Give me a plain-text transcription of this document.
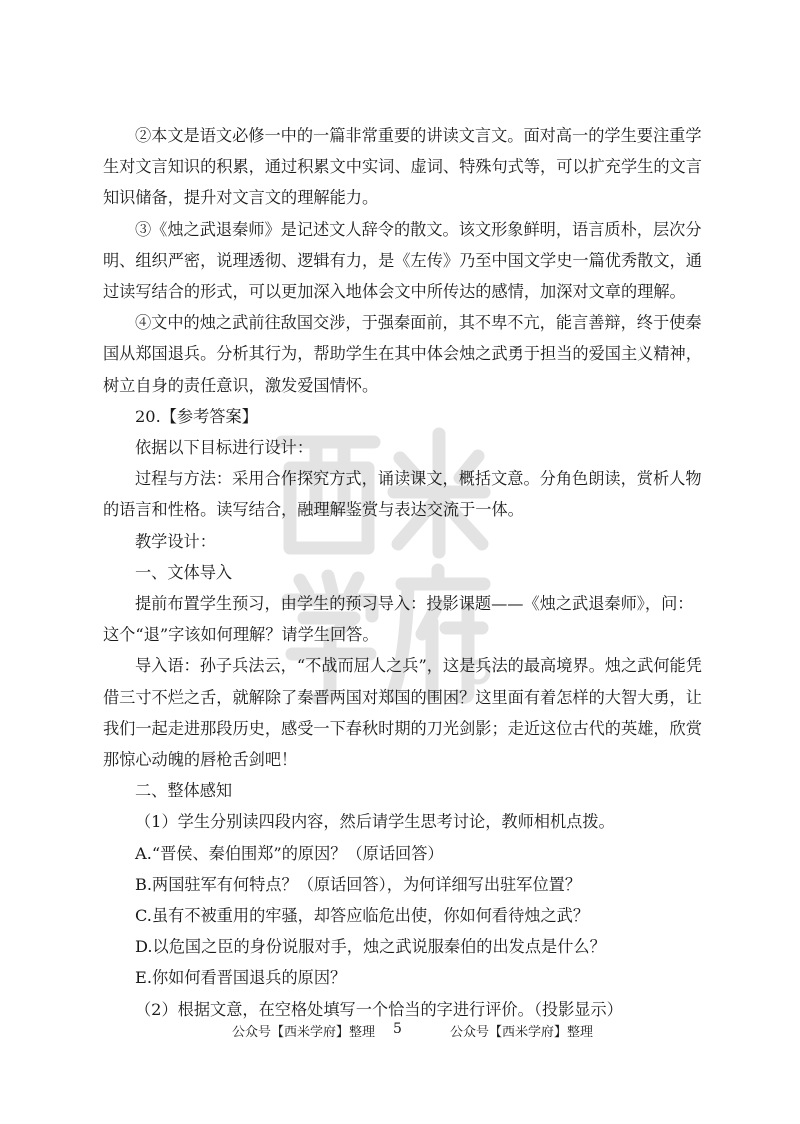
②本文是语文必修一中的一篇非常重要的讲读文言文。面对高一的学生要注重学生对文言知识的积累，通过积累文中实词、虚词、特殊句式等，可以扩充学生的文言知识储备，提升对文言文的理解能力。

③《烛之武退秦师》是记述文人辞令的散文。该文形象鲜明，语言质朴，层次分明、组织严密，说理透彻、逻辑有力，是《左传》乃至中国文学史一篇优秀散文，通过读写结合的形式，可以更加深入地体会文中所传达的感情，加深对文章的理解。

④文中的烛之武前往敌国交涉，于强秦面前，其不卑不亢，能言善辩，终于使秦国从郑国退兵。分析其行为，帮助学生在其中体会烛之武勇于担当的爱国主义精神，树立自身的责任意识，激发爱国情怀。

20.【参考答案】

依据以下目标进行设计：

过程与方法：采用合作探究方式，诵读课文，概括文意。分角色朗读，赏析人物的语言和性格。读写结合，融理解鉴赏与表达交流于一体。

教学设计：

一、文体导入

提前布置学生预习，由学生的预习导入：投影课题——《烛之武退秦师》，问：这个“退”字该如何理解？请学生回答。

导入语：孙子兵法云，“不战而屈人之兵”，这是兵法的最高境界。烛之武何能凭借三寸不烂之舌，就解除了秦晋两国对郑国的围困？这里面有着怎样的大智大勇，让我们一起走进那段历史，感受一下春秋时期的刀光剑影；走近这位古代的英雄，欣赏那惊心动魄的唇枪舌剑吧！

二、整体感知

（1）学生分别读四段内容，然后请学生思考讨论，教师相机点拨。

A.“晋侯、秦伯围郑”的原因？（原话回答）

B.两国驻军有何特点？（原话回答），为何详细写出驻军位置？

C.虽有不被重用的牢骚，却答应临危出使，你如何看待烛之武？

D.以危国之臣的身份说服对手，烛之武说服秦伯的出发点是什么？

E.你如何看晋国退兵的原因？

（2）根据文意，在空格处填写一个恰当的字进行评价。（投影显示）

公众号【西米学府】整理 5	公众号【西米学府】整理
